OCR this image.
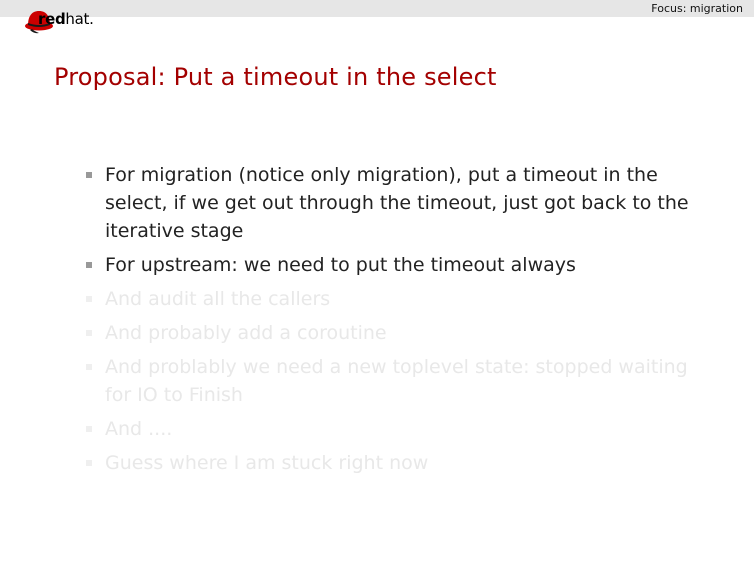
Focus: migration
redhat.
Proposal: Put a timeout in the select
For migration (notice only migration), put a timeout in the select, if we get out through the timeout, just got back to the iterative stage
For upstream: we need to put the timeout always
And audit all the callers
And probably add a coroutine
And problably we need a new toplevel state: stopped waiting for IO to Finish
And ....
Guess where I am stuck right now
